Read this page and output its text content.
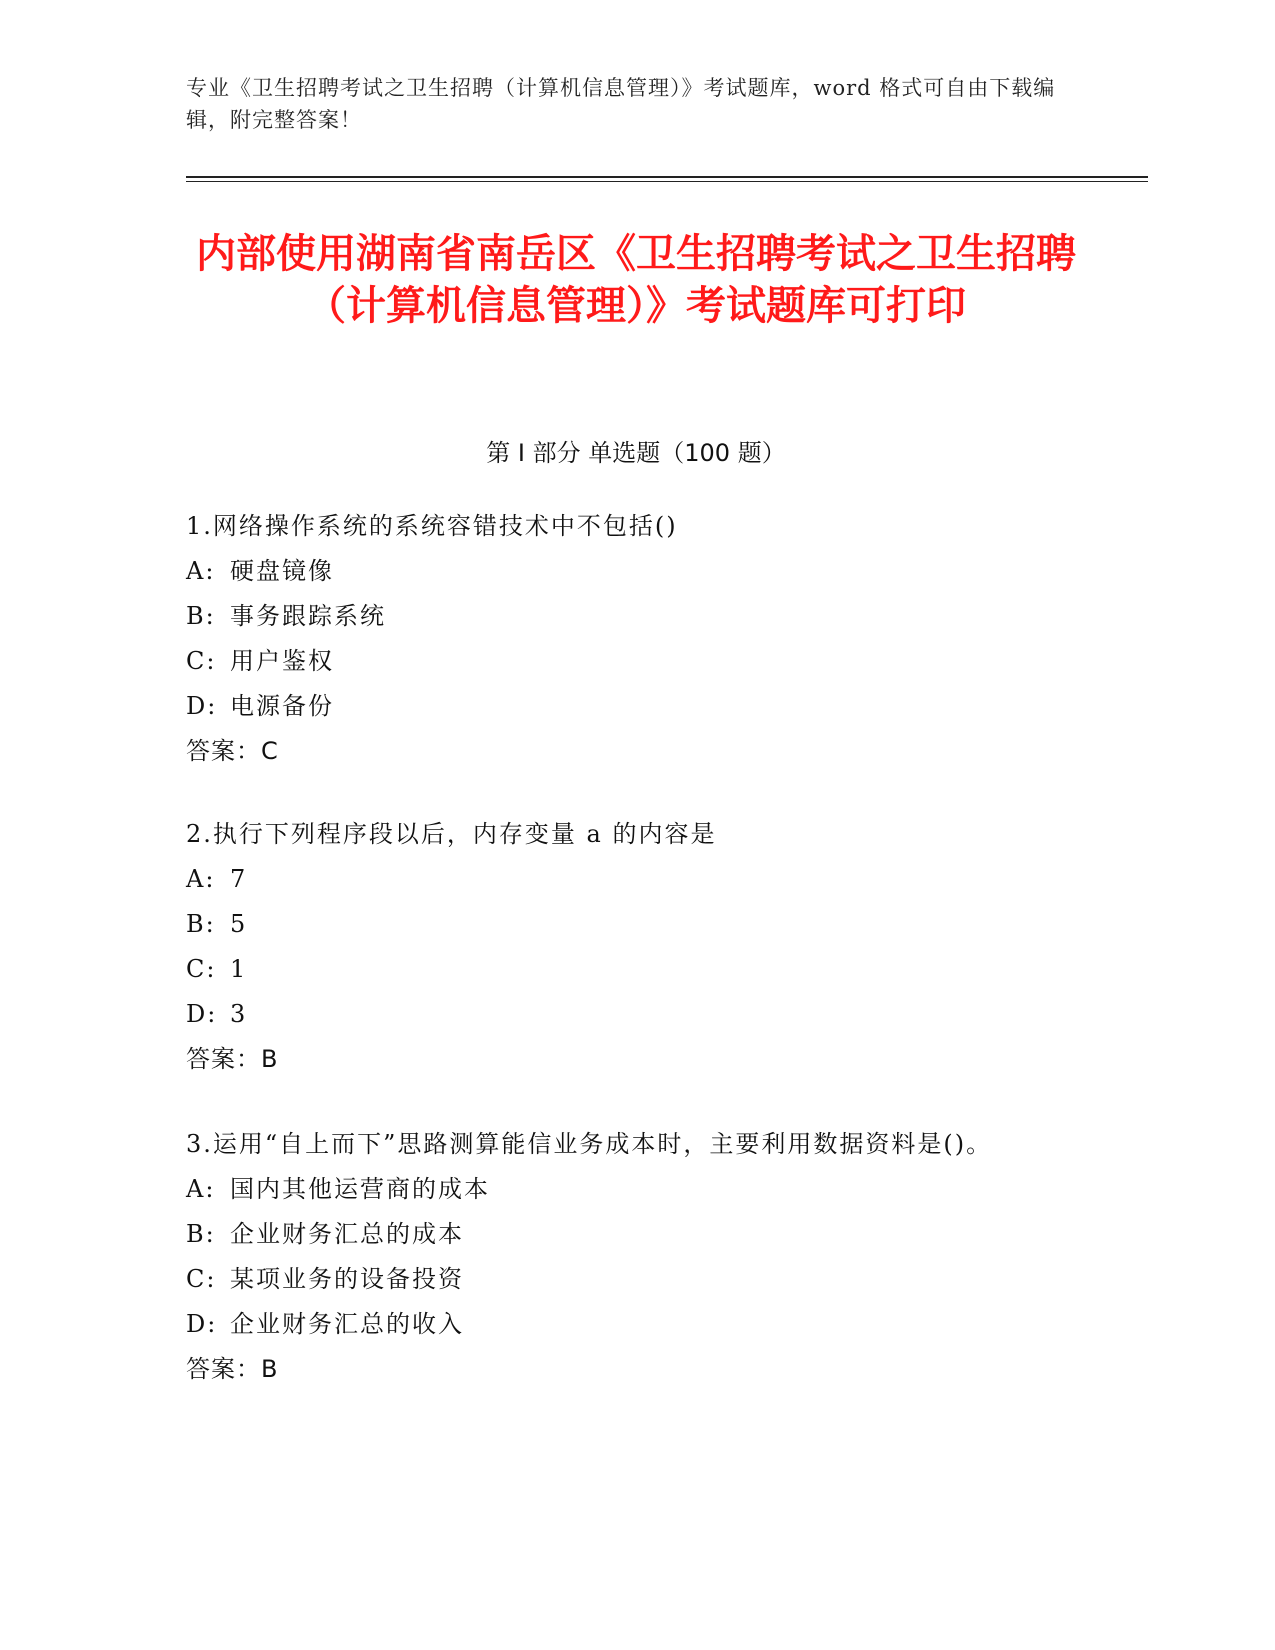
专业《卫生招聘考试之卫生招聘（计算机信息管理）》考试题库，word 格式可自由下载编辑，附完整答案！
内部使用湖南省南岳区《卫生招聘考试之卫生招聘（计算机信息管理）》考试题库可打印
第 I 部分 单选题（100 题）
1.网络操作系统的系统容错技术中不包括()
A: 硬盘镜像
B: 事务跟踪系统
C: 用户鉴权
D: 电源备份
答案：C
2.执行下列程序段以后，内存变量 a 的内容是
A: 7
B: 5
C: 1
D: 3
答案：B
3.运用“自上而下”思路测算能信业务成本时，主要利用数据资料是()。
A: 国内其他运营商的成本
B: 企业财务汇总的成本
C: 某项业务的设备投资
D: 企业财务汇总的收入
答案：B
